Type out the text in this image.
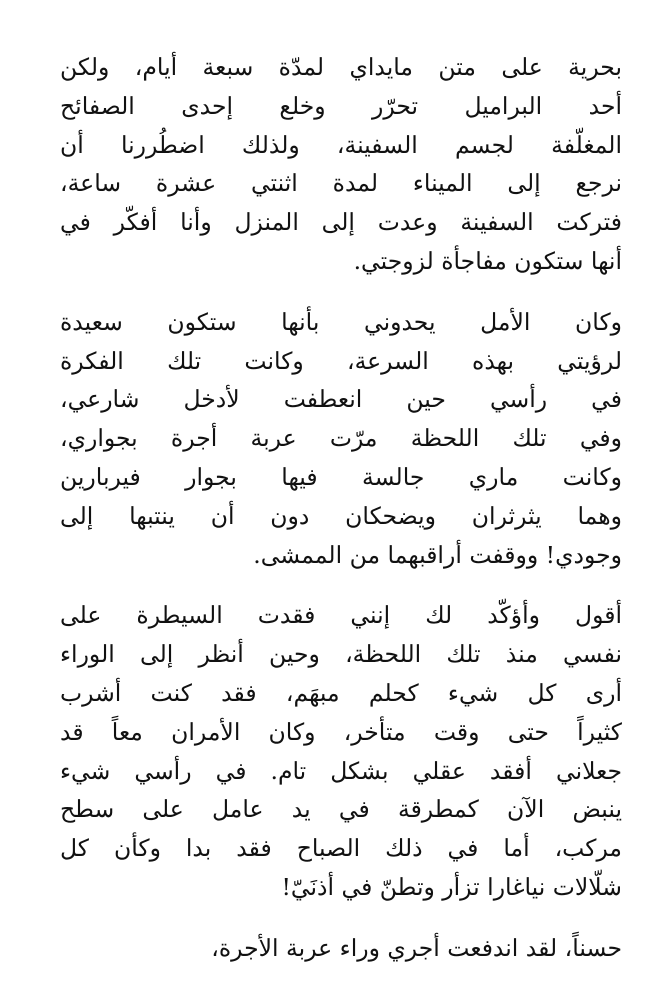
بحرية على متن مايداي لمدّة سبعة أيام، ولكن
أحد البراميل تحرّر وخلع إحدى الصفائح
المغلّفة لجسم السفينة، ولذلك اضطُررنا أن
نرجع إلى الميناء لمدة اثنتي عشرة ساعة،
فتركت السفينة وعدت إلى المنزل وأنا أفكّر في
أنها ستكون مفاجأة لزوجتي.
وكان الأمل يحدوني بأنها ستكون سعيدة
لرؤيتي بهذه السرعة، وكانت تلك الفكرة
في رأسي حين انعطفت لأدخل شارعي،
وفي تلك اللحظة مرّت عربة أجرة بجواري،
وكانت ماري جالسة فيها بجوار فيربارين
وهما يثرثران ويضحكان دون أن ينتبها إلى
وجودي! ووقفت أراقبهما من الممشى.
أقول وأؤكّد لك إنني فقدت السيطرة على
نفسي منذ تلك اللحظة، وحين أنظر إلى الوراء
أرى كل شيء كحلم مبهَم، فقد كنت أشرب
كثيراً حتى وقت متأخر، وكان الأمران معاً قد
جعلاني أفقد عقلي بشكل تام. في رأسي شيء
ينبض الآن كمطرقة في يد عامل على سطح
مركب، أما في ذلك الصباح فقد بدا وكأن كل
شلّالات نياغارا تزأر وتطنّ في أذنَيّ!
حسناً، لقد اندفعت أجري وراء عربة الأجرة،
